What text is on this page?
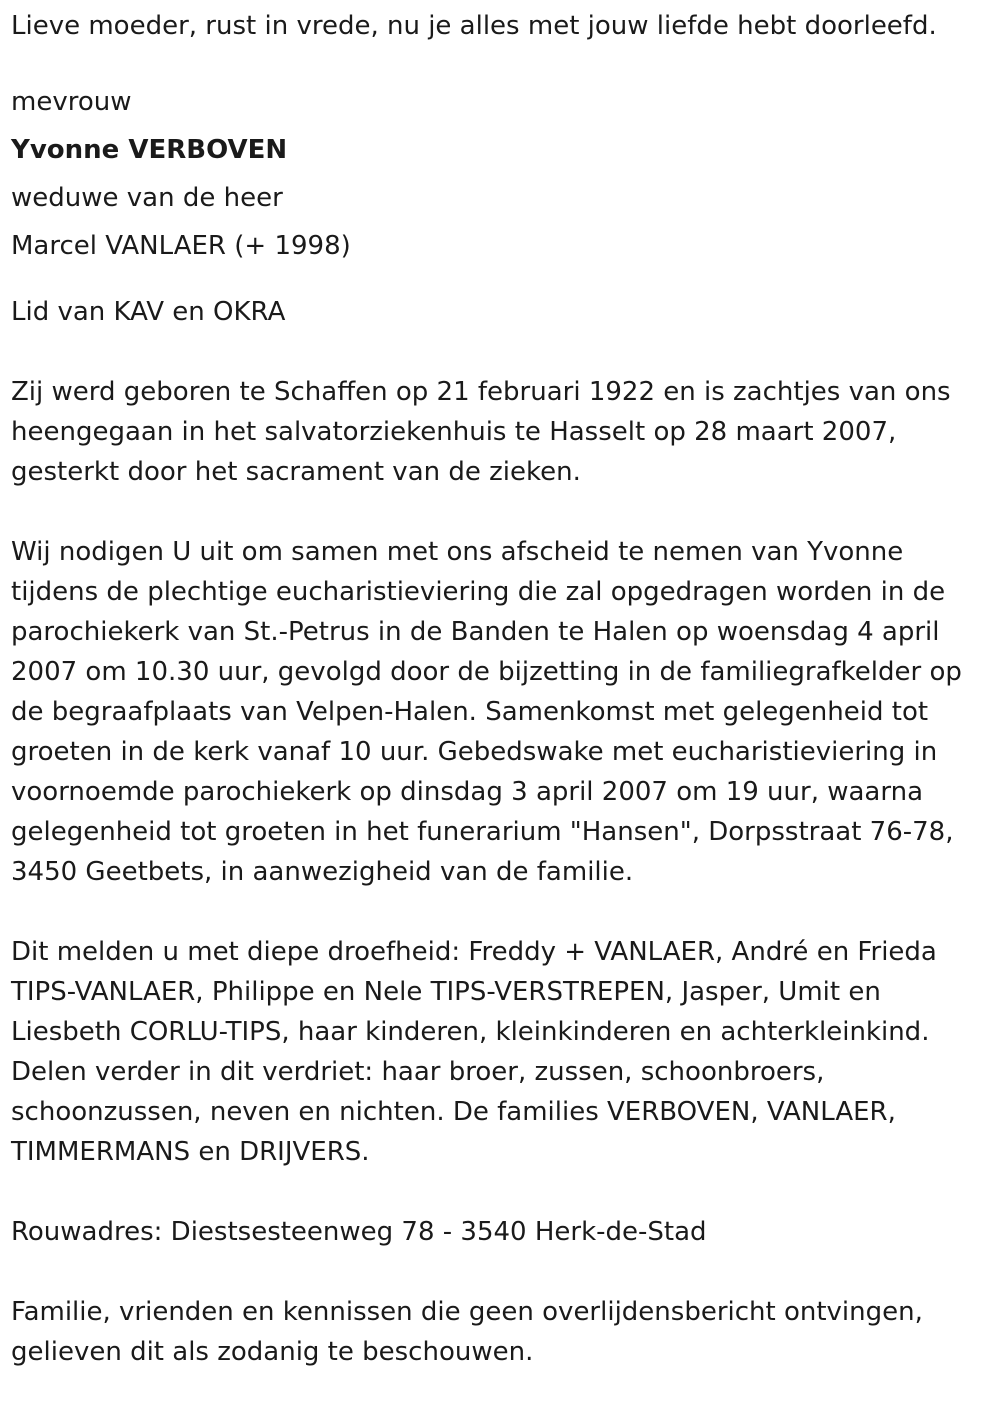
Lieve moeder, rust in vrede, nu je alles met jouw liefde hebt doorleefd.

mevrouw

Yvonne VERBOVEN

weduwe van de heer

Marcel VANLAER (+ 1998)

Lid van KAV en OKRA

Zij werd geboren te Schaffen op 21 februari 1922 en is zachtjes van ons

heengegaan in het salvatorziekenhuis te Hasselt op 28 maart 2007,

gesterkt door het sacrament van de zieken.

Wij nodigen U uit om samen met ons afscheid te nemen van Yvonne

tijdens de plechtige eucharistieviering die zal opgedragen worden in de

parochiekerk van St.-Petrus in de Banden te Halen op woensdag 4 april

2007 om 10.30 uur, gevolgd door de bijzetting in de familiegrafkelder op

de begraafplaats van Velpen-Halen. Samenkomst met gelegenheid tot

groeten in de kerk vanaf 10 uur. Gebedswake met eucharistieviering in

voornoemde parochiekerk op dinsdag 3 april 2007 om 19 uur, waarna

gelegenheid tot groeten in het funerarium "Hansen", Dorpsstraat 76-78,

3450 Geetbets, in aanwezigheid van de familie.

Dit melden u met diepe droefheid: Freddy + VANLAER, André en Frieda

TIPS-VANLAER, Philippe en Nele TIPS-VERSTREPEN, Jasper, Umit en

Liesbeth CORLU-TIPS, haar kinderen, kleinkinderen en achterkleinkind.

Delen verder in dit verdriet: haar broer, zussen, schoonbroers,

schoonzussen, neven en nichten. De families VERBOVEN, VANLAER,

TIMMERMANS en DRIJVERS.

Rouwadres: Diestsesteenweg 78 - 3540 Herk-de-Stad

Familie, vrienden en kennissen die geen overlijdensbericht ontvingen,

gelieven dit als zodanig te beschouwen.
